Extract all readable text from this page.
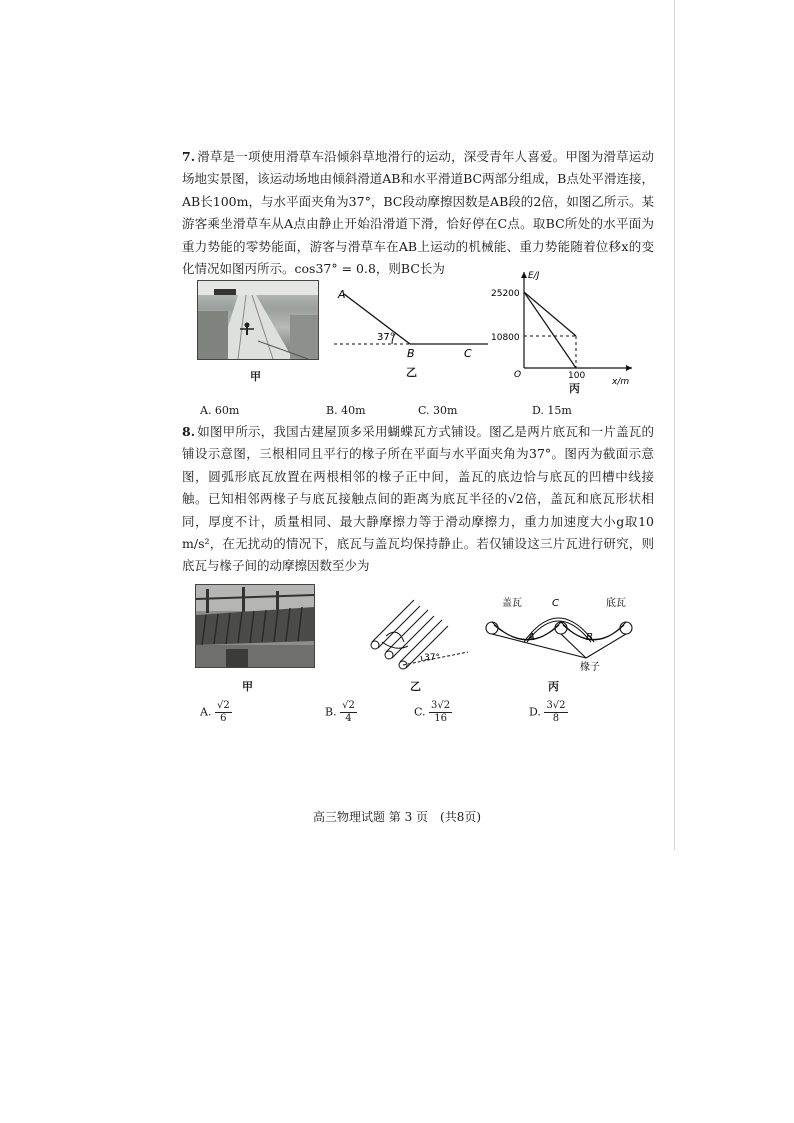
7. 滑草是一项使用滑草车沿倾斜草地滑行的运动，深受青年人喜爱。甲图为滑草运动场地实景图，该运动场地由倾斜滑道AB和水平滑道BC两部分组成，B点处平滑连接，AB长100m，与水平面夹角为37°，BC段动摩擦因数是AB段的2倍，如图乙所示。某游客乘坐滑草车从A点由静止开始沿滑道下滑，恰好停在C点。取BC所处的水平面为重力势能的零势能面，游客与滑草车在AB上运动的机械能、重力势能随着位移x的变化情况如图丙所示。cos37° = 0.8，则BC长为

甲
A
B	C
37°
乙
E/J
25200
10800
O	100
x/m
丙
A. 60m	B. 40m	C. 30m	D. 15m

8. 如图甲所示，我国古建屋顶多采用蝴蝶瓦方式铺设。图乙是两片底瓦和一片盖瓦的铺设示意图，三根相同且平行的椽子所在平面与水平面夹角为37°。图丙为截面示意图，圆弧形底瓦放置在两根相邻的椽子正中间，盖瓦的底边恰与底瓦的凹槽中线接触。已知相邻两椽子与底瓦接触点间的距离为底瓦半径的√2倍，盖瓦和底瓦形状相同，厚度不计，质量相同、最大静摩擦力等于滑动摩擦力，重力加速度大小g取10 m/s²，在无扰动的情况下，底瓦与盖瓦均保持静止。若仅铺设这三片瓦进行研究，则底瓦与椽子间的动摩擦因数至少为

甲
37°
乙
盖瓦	C	底瓦
A	B
椽子
丙
A. $\frac{√2}{6}$	B. $\frac{√2}{4}$	C. $\frac{3√2}{16}$	D. $\frac{3√2}{8}$
高三物理试题 第 3 页　(共8页)
